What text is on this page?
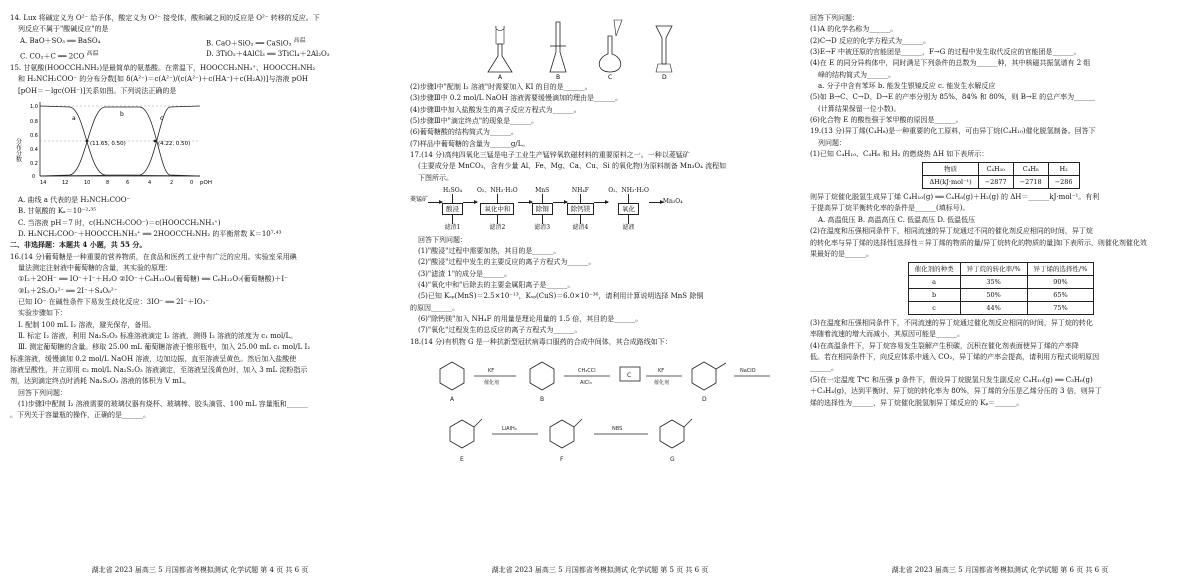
14. Lux 将碱定义为 O²⁻ 给予体，酸定义为 O²⁻ 接受体，酸和碱之间的反应是 O²⁻ 转移的反应。下
列反应不属于"酸碱反应"的是
A. BaO＋SO₃ ══ BaSO₄	B. CaO＋SiO₂ ══ CaSiO₃ $^{高温}$
C. CO₂＋C ══ 2CO $^{高温}$	D. 3TiO₂＋4AlCl₃ ══ 3TiCl₄＋2Al₂O₃
15. 甘氨酸(HOOCCH₂NH₂)是最简单的氨基酸。在常温下，HOOCCH₂NH₃⁺、HOOCCH₂NH₂
和 H₂NCH₂COO⁻ 的分布分数[如 δ(A²⁻)＝c(A²⁻)/(c(A²⁻)＋c(HA⁻)＋c(H₂A))]与溶液 pOH
[pOH＝－lgc(OH⁻)]关系如图。下列说法正确的是
分布分数	(11.65, 0.50)	(4.22, 0.50)
a
b
c
1.0
0.8
0.6
0.4
0.2
0
14	12	10	8	6	4	2	0 pOH
A. 曲线 a 代表的是 H₂NCH₂COO⁻
B. 甘氨酸的 Kₐ＝10⁻²·³⁵
C. 当溶液 pH＝7 时，c(H₂NCH₂COO⁻)＝c(HOOCCH₂NH₃⁺)
D. H₂NCH₂COO⁻＋HOOCCH₂NH₃⁺ ══ 2HOOCCH₂NH₂ 的平衡常数 K＝10⁷·⁴³
二、非选择题：本题共 4 小题，共 55 分。
16.(14 分)葡萄糖是一种重要的营养物质，在食品和医药工业中有广泛的应用。实验室采用碘
量法测定注射液中葡萄糖的含量，其实验的原理：
①I₂＋2OH⁻ ══ IO⁻＋I⁻＋H₂O ②IO⁻＋C₆H₁₂O₆(葡萄糖) ══ C₆H₁₂O₇(葡萄糖酸)＋I⁻
③I₂＋2S₂O₃²⁻ ══ 2I⁻＋S₄O₆²⁻
已知 IO⁻ 在碱性条件下易发生歧化反应：3IO⁻ ══ 2I⁻＋IO₃⁻
实验步骤如下：
Ⅰ. 配制 100 mL I₂ 溶液，避光保存，备用。
Ⅱ. 标定 I₂ 溶液，利用 Na₂S₂O₃ 标准溶液滴定 I₂ 溶液，测得 I₂ 溶液的浓度为 c₁ mol/L。
Ⅲ. 测定葡萄糖的含量。移取 25.00 mL 葡萄糖溶液于锥形瓶中，加入 25.00 mL c₁ mol/L I₂
标准溶液，缓慢滴加 0.2 mol/L NaOH 溶液，边加边振，直至溶液呈黄色。然后加入盐酸使
溶液呈酸性，并立即用 c₂ mol/L Na₂S₂O₃ 溶液滴定，至溶液呈浅黄色时，加入 3 mL 淀粉指示
剂，达到滴定终点时消耗 Na₂S₂O₃ 溶液的体积为 V mL。
回答下列问题：
(1)步骤Ⅰ中配制 I₂ 溶液需要的玻璃仪器有烧杯、玻璃棒、胶头滴管、100 mL 容量瓶和______
。下列关于容量瓶的操作，正确的是______。
湖北省 2023 届高三 5 月国都省考模拟测试 化学试题 第 4 页 共 6 页
A	B	C	D
(2)步骤Ⅰ中"配制 I₂ 溶液"时需要加入 KI 的目的是______。
(3)步骤Ⅲ中 0.2 mol/L NaOH 溶液需要缓慢滴加的理由是______。
(4)步骤Ⅲ中加入盐酸发生的离子反应方程式为______。
(5)步骤Ⅲ中"滴定终点"的现象是______。
(6)葡萄糖酸的结构简式为______。
(7)样品中葡萄糖的含量为______g/L。
17.(14 分)高纯四氧化三锰是电子工业生产锰锌氧软磁材料的重要原料之一。一种以菱锰矿
(主要成分是 MnCO₃，含有少量 Al、Fe、Mg、Ca、Cu、Si 的氧化物)为原料制备 Mn₃O₄ 流程如
下图所示。
菱锰矿
H₂SO₄
酸浸
滤渣1
O₂、NH₃·H₂O
氧化中和
滤渣2
MnS
除铜
滤渣3
NH₄F
除钙镁
滤渣4
O₂、NH₃·H₂O
氧化
滤液
Mn₃O₄
回答下列问题：
(1)"酸浸"过程中需要加热，其目的是______。
(2)"酸浸"过程中发生的主要反应的离子方程式为______。
(3)"滤渣 1"的成分是______。
(4)"氧化中和"后除去的主要金属阳离子是______。
(5)已知 Kₛₚ(MnS)＝2.5×10⁻¹³，Kₛₚ(CuS)＝6.0×10⁻³⁶，请利用计算说明选择 MnS 除铜
的原因______。
(6)"除钙镁"加入 NH₄F 的用量是理论用量的 1.5 倍，其目的是______。
(7)"氧化"过程发生的总反应的离子方程式为______。
18.(14 分)有机物 G 是一种抗新型冠状病毒口服药的合成中间体，其合成路线如下：
A	B
C
D
E	F	G
KF
催化剂
CH₃CCl
AlCl₃
KF
催化剂
NaClO
LiAlH₄	NBS
湖北省 2023 届高三 5 月国都省考模拟测试 化学试题 第 5 页 共 6 页
回答下列问题：
(1)A 的化学名称为______。
(2)C→D 反应的化学方程式为______。
(3)E→F 中被还原的官能团是______，F→G 的过程中发生取代反应的官能团是______。
(4)在 E 的同分异构体中，同时满足下列条件的总数为______种，其中核磁共振氢谱有 2 组
峰的结构简式为______。
a. 分子中含有苯环 b. 能发生银镜反应 c. 能发生水解反应
(5)如 B→C、C→D、D→E 的产率分别为 85%、84% 和 80%，则 B→E 的总产率为______
(计算结果保留一位小数)。
(6)化合物 E 的酸性强于苯甲酸的原因是______。
19.(13 分)异丁烯(C₄H₈)是一种重要的化工原料，可由异丁烷(C₄H₁₀)催化脱氢制备。回答下
列问题：
(1)已知 C₄H₁₀、C₄H₈ 和 H₂ 的燃烧热 ΔH 如下表所示：
物质	C₄H₁₀	C₄H₈	H₂
ΔH(kJ·mol⁻¹)	−2877	−2718	−286
则异丁烷催化脱氢生成异丁烯 C₄H₁₀(g) ══ C₄H₈(g)＋H₂(g) 的 ΔH＝______kJ·mol⁻¹。有利
于提高异丁烷平衡转化率的条件是______(填标号)。
A. 高温低压 B. 高温高压 C. 低温高压 D. 低温低压
(2)在温度和压强相同条件下，相同流速的异丁烷通过不同的催化剂反应相同的时间，异丁烷
的转化率与异丁烯的选择性[选择性＝异丁烯的物质的量/异丁烷转化的物质的量]如下表所示，则催化剂催化效
果最好的是______。
催化剂的种类	异丁烷的转化率/%	异丁烯的选择性/%
a	35%	90%
b	50%	65%
c	44%	75%
(3)在温度和压强相同条件下，不同流速的异丁烷通过催化剂反应相同的时间，异丁烷的转化
率随着流速的增大而减小，其原因可能是______。
(4)在高温条件下，异丁烷容易发生裂解产生积碳，沉积在催化剂表面使异丁烯的产率降
低。若在相同条件下，向反应体系中通入 CO₂，异丁烯的产率会提高，请利用方程式说明原因
______。
(5)在一定温度 T℃ 和压强 p 条件下，假设异丁烷脱氢只发生副反应 C₄H₁₀(g) ══ C₃H₆(g)
＋C₃H₄(g)，达到平衡时，异丁烷的转化率为 80%，异丁烯的分压是乙烯分压的 3 倍，则异丁
烯的选择性为______，异丁烷催化脱氢制异丁烯反应的 Kₚ＝______。
湖北省 2023 届高三 5 月国都省考模拟测试 化学试题 第 6 页 共 6 页
